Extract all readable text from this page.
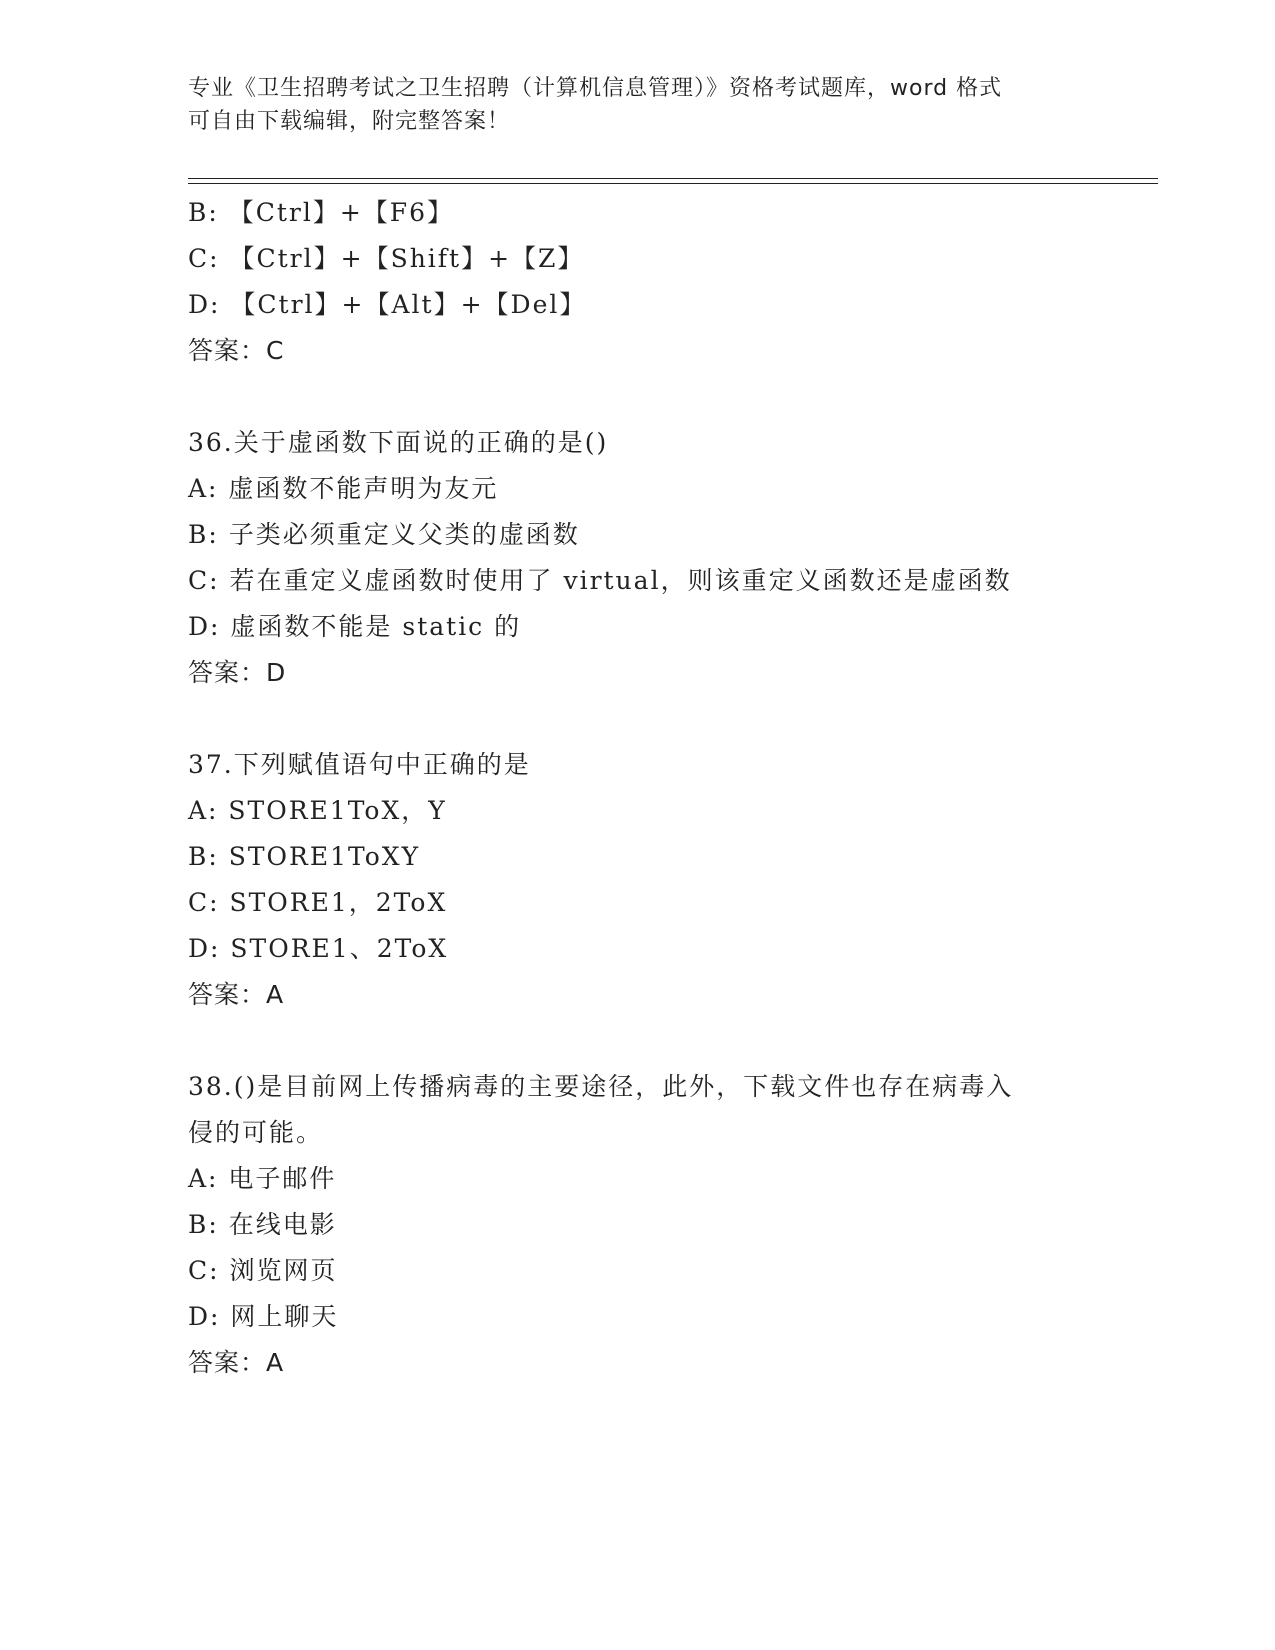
专业《卫生招聘考试之卫生招聘（计算机信息管理）》资格考试题库，word 格式
可自由下载编辑，附完整答案！
B: 【Ctrl】+【F6】
C: 【Ctrl】+【Shift】+【Z】
D: 【Ctrl】+【Alt】+【Del】
答案：C
36.关于虚函数下面说的正确的是()
A: 虚函数不能声明为友元
B: 子类必须重定义父类的虚函数
C: 若在重定义虚函数时使用了 virtual，则该重定义函数还是虚函数
D: 虚函数不能是 static 的
答案：D
37.下列赋值语句中正确的是
A: STORE1ToX，Y
B: STORE1ToXY
C: STORE1，2ToX
D: STORE1、2ToX
答案：A
38.()是目前网上传播病毒的主要途径，此外，下载文件也存在病毒入
侵的可能。
A: 电子邮件
B: 在线电影
C: 浏览网页
D: 网上聊天
答案：A
